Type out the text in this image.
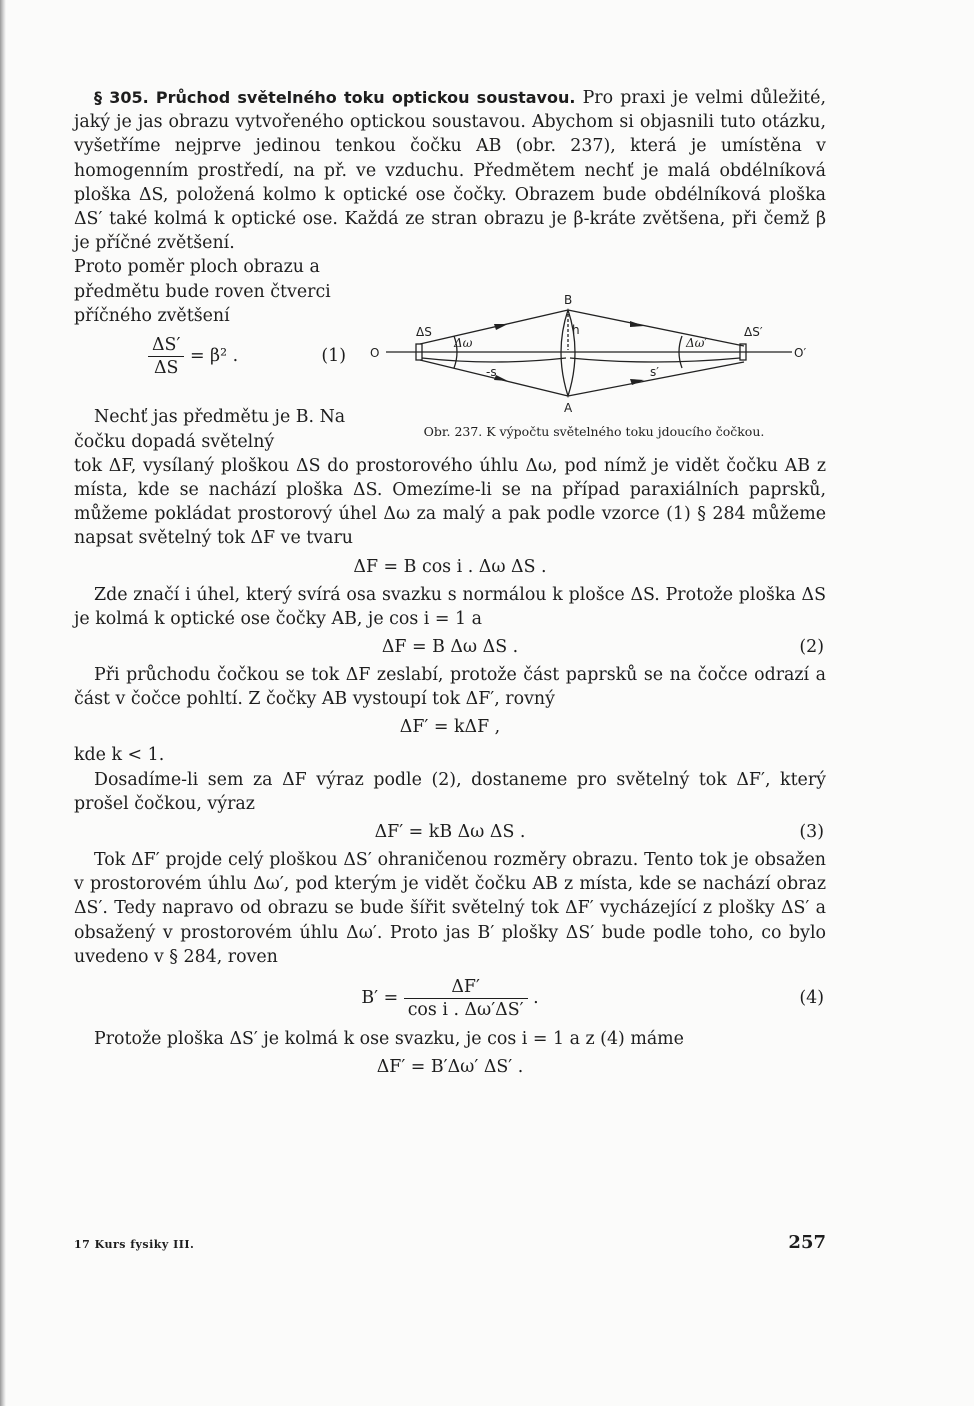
§ 305. Průchod světelného toku optickou soustavou. Pro praxi je velmi důležité, jaký je jas obrazu vytvořeného optickou soustavou. Abychom si objasnili tuto otázku, vyšetříme nejprve jedinou tenkou čočku AB (obr. 237), která je umístěna v homogenním prostředí, na př. ve vzduchu. Předmětem nechť je malá obdélníková ploška ΔS, položená kolmo k optické ose čočky. Obrazem bude obdélníková ploška ΔS′ také kolmá k optické ose. Každá ze stran obrazu je β-kráte zvětšena, při čemž β je příčné zvětšení.

Proto poměr ploch obrazu a předmětu bude roven čtverci příčného zvětšení

$\frac{\Delta S'}{\Delta S} = \beta^2$ .	(1)

Nechť jas předmětu je B. Na čočku dopadá světelný

tok ΔF, vysílaný ploškou ΔS do prostorového úhlu Δω, pod nímž je vidět čočku AB z místa, kde se nachází ploška ΔS. Omezíme-li se na případ paraxiálních paprsků, můžeme pokládat prostorový úhel Δω za malý a pak podle vzorce (1) § 284 můžeme napsat světelný tok ΔF ve tvaru

ΔF = B cos i . Δω ΔS .

Zde značí i úhel, který svírá osa svazku s normálou k plošce ΔS. Protože ploška ΔS je kolmá k optické ose čočky AB, je cos i = 1 a

ΔF = B Δω ΔS .	(2)

Při průchodu čočkou se tok ΔF zeslabí, protože část paprsků se na čočce odrazí a část v čočce pohltí. Z čočky AB vystoupí tok ΔF′, rovný

ΔF′ = kΔF ,

kde k < 1.

Dosadíme-li sem za ΔF výraz podle (2), dostaneme pro světelný tok ΔF′, který prošel čočkou, výraz

ΔF′ = kB Δω ΔS .	(3)

Tok ΔF′ projde celý ploškou ΔS′ ohraničenou rozměry obrazu. Tento tok je obsažen v prostorovém úhlu Δω′, pod kterým je vidět čočku AB z místa, kde se nachází obraz ΔS′. Tedy napravo od obrazu se bude šířit světelný tok ΔF′ vycházející z plošky ΔS′ a obsažený v prostorovém úhlu Δω′. Proto jas B′ plošky ΔS′ bude podle toho, co bylo uvedeno v § 284, roven

$B' = \frac{\Delta F'}{\text{cos i . Δω′ΔS′}}$ .	(4)

Protože ploška ΔS′ je kolmá k ose svazku, je cos i = 1 a z (4) máme

ΔF′ = B′Δω′ ΔS′ .
B
A
O	O′
ΔS	ΔS′
h
-s	s′
Δω	Δω′
Obr. 237. K výpočtu světelného toku jdoucího čočkou.
17 Kurs fysiky III.	257
